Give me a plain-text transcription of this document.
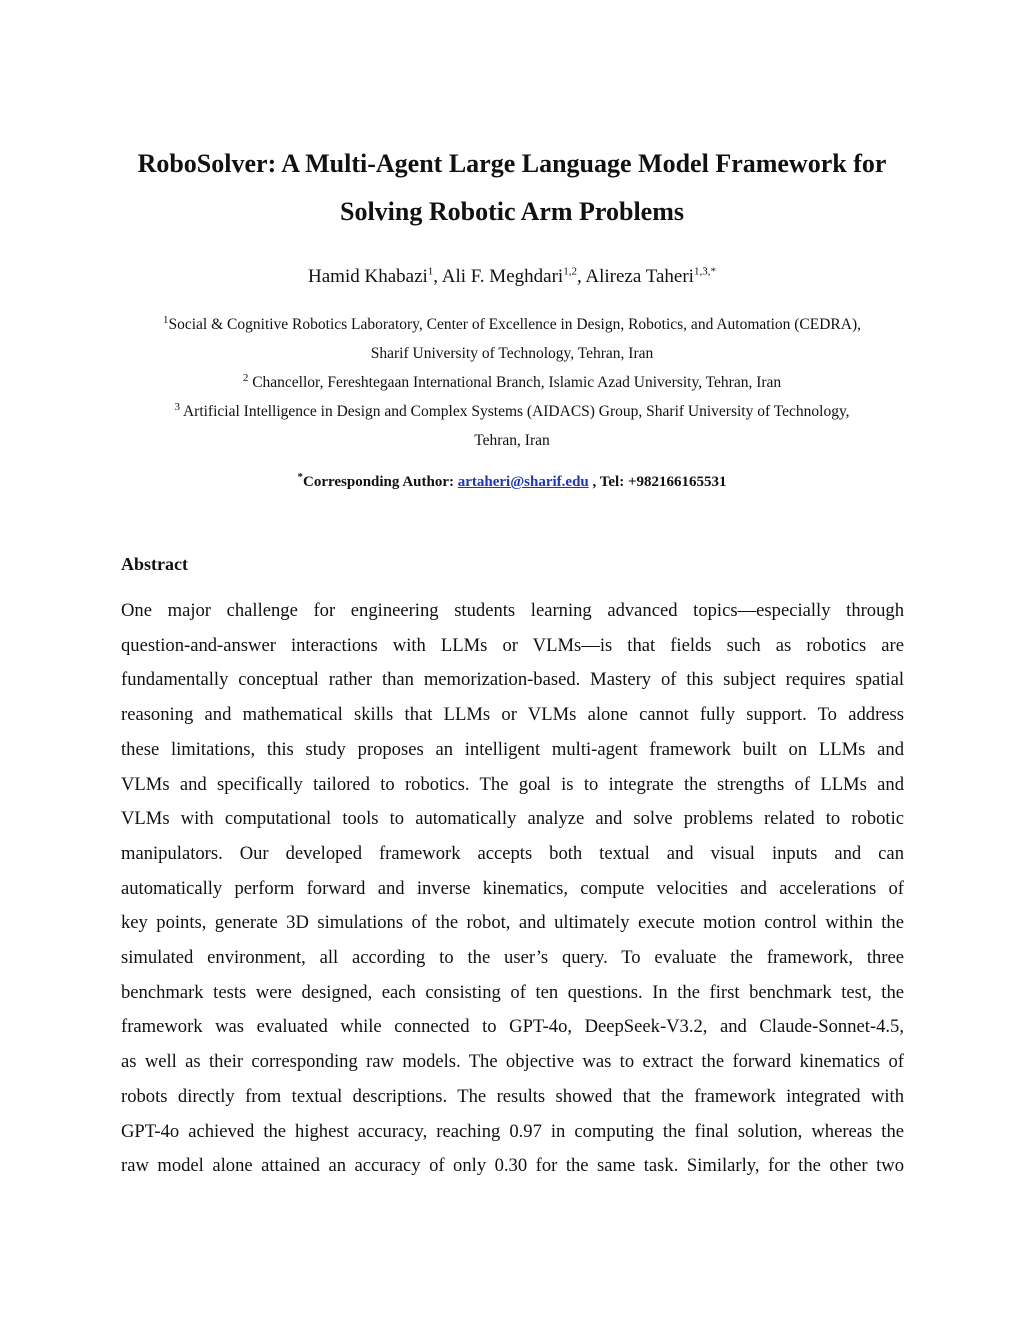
RoboSolver: A Multi-Agent Large Language Model Framework for
Solving Robotic Arm Problems
Hamid Khabazi$^1$, Ali F. Meghdari$^{1,2}$, Alireza Taheri$^{1,3,*}$
$^1$Social & Cognitive Robotics Laboratory, Center of Excellence in Design, Robotics, and Automation (CEDRA),
Sharif University of Technology, Tehran, Iran
$^2$ Chancellor, Fereshtegaan International Branch, Islamic Azad University, Tehran, Iran
$^3$ Artificial Intelligence in Design and Complex Systems (AIDACS) Group, Sharif University of Technology,
Tehran, Iran
*Corresponding Author: artaheri@sharif.edu , Tel: +982166165531
Abstract
One major challenge for engineering students learning advanced topics—especially through
question-and-answer interactions with LLMs or VLMs—is that fields such as robotics are
fundamentally conceptual rather than memorization-based. Mastery of this subject requires spatial
reasoning and mathematical skills that LLMs or VLMs alone cannot fully support. To address
these limitations, this study proposes an intelligent multi-agent framework built on LLMs and
VLMs and specifically tailored to robotics. The goal is to integrate the strengths of LLMs and
VLMs with computational tools to automatically analyze and solve problems related to robotic
manipulators. Our developed framework accepts both textual and visual inputs and can
automatically perform forward and inverse kinematics, compute velocities and accelerations of
key points, generate 3D simulations of the robot, and ultimately execute motion control within the
simulated environment, all according to the user’s query. To evaluate the framework, three
benchmark tests were designed, each consisting of ten questions. In the first benchmark test, the
framework was evaluated while connected to GPT-4o, DeepSeek-V3.2, and Claude-Sonnet-4.5,
as well as their corresponding raw models. The objective was to extract the forward kinematics of
robots directly from textual descriptions. The results showed that the framework integrated with
GPT-4o achieved the highest accuracy, reaching 0.97 in computing the final solution, whereas the
raw model alone attained an accuracy of only 0.30 for the same task. Similarly, for the other two
